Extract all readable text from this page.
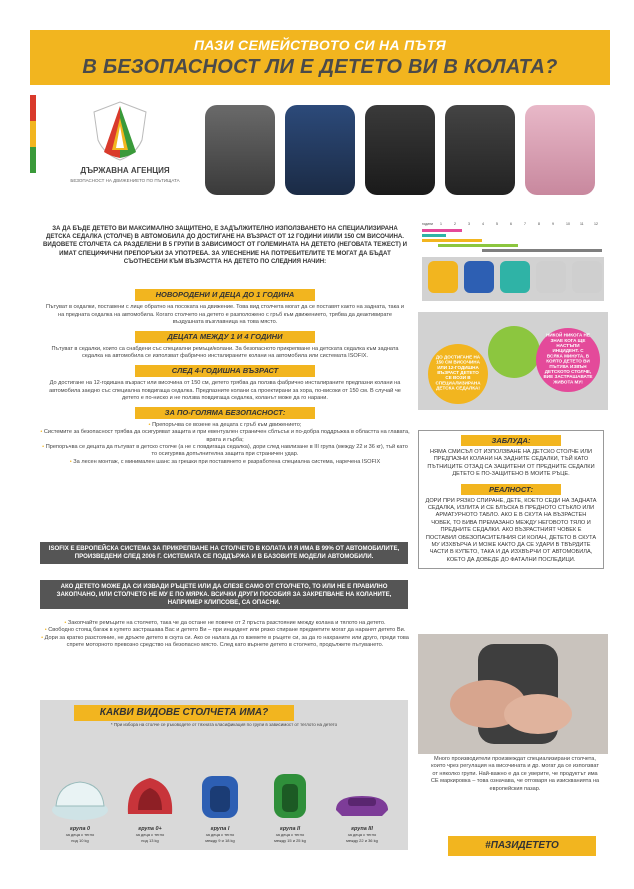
ПАЗИ СЕМЕЙСТВОТО СИ НА ПЪТЯ
В БЕЗОПАСНОСТ ЛИ Е ДЕТЕТО ВИ В КОЛАТА?
ДЪРЖАВНА АГЕНЦИЯ
БЕЗОПАСНОСТ НА ДВИЖЕНИЕТО ПО ПЪТИЩАТА
ЗА ДА БЪДЕ ДЕТЕТО ВИ МАКСИМАЛНО ЗАЩИТЕНО, Е ЗАДЪЛЖИТЕЛНО ИЗПОЛЗВАНЕТО НА СПЕЦИАЛИЗИРАНА ДЕТСКА СЕДАЛКА (СТОЛЧЕ) В АВТОМОБИЛА ДО ДОСТИГАНЕ НА ВЪЗРАСТ ОТ 12 ГОДИНИ И/ИЛИ 150 СМ ВИСОЧИНА. ВИДОВЕТЕ СТОЛЧЕТА СА РАЗДЕЛЕНИ В 5 ГРУПИ В ЗАВИСИМОСТ ОТ ГОЛЕМИНАТА НА ДЕТЕТО (НЕГОВАТА ТЕЖЕСТ) И ИМАТ СПЕЦИФИЧНИ ПРЕПОРЪКИ ЗА УПОТРЕБА. ЗА УЛЕСНЕНИЕ НА ПОТРЕБИТЕЛИТЕ ТЕ МОГАТ ДА БЪДАТ СЪОТНЕСЕНИ КЪМ ВЪЗРАСТТА НА ДЕТЕТО ПО СЛЕДНИЯ НАЧИН:
НОВОРОДЕНИ И ДЕЦА ДО 1 ГОДИНА
Пътуват в седалки, поставени с лице обратно на посоката на движение. Това вид столчета могат да се поставят както на задната, така и на предната седалка на автомобила. Когато столчето на детето е разположено с гръб към движението, трябва да деактивирате въздушната възглавница на това място.
ДЕЦАТА МЕЖДУ 1 И 4 ГОДИНИ
Пътуват в седалки, които са снабдени със специални ремъци/колани. За безопасното прикрепване на детската седалка към задната седалка на автомобила се използват фабрично инсталираните колани на автомобила или системата ISOFIX.
СЛЕД 4-ГОДИШНА ВЪЗРАСТ
До достигане на 12-годишна възраст или височина от 150 см, детето трябва да ползва фабрично инсталираните предпазни колани на автомобила заедно със специална повдигаща седалка. Предпазните колани са проектирани за хора, по-високи от 150 см. В случай че детето е по-ниско и не ползва повдигаща седалка, коланът може да го нарани.
ЗА ПО-ГОЛЯМА БЕЗОПАСНОСТ:
• Препоръчва се возене на децата с гръб към движението;
• Системите за безопасност трябва да осигуряват защита и при евентуален страничен сблъсък и по-добра поддръжка в областта на главата, врата и гърба;
• Препоръчва се децата да пътуват в детско столче (а не с повдигаща седалка), дори след навлизане в III група (между 22 и 36 кг), тъй като то осигурява допълнителна защита при страничен удар.
• За лесен монтаж, с минимален шанс за грешки при поставянето е разработена специална система, наречена ISOFIX
ISOFIX Е ЕВРОПЕЙСКА СИСТЕМА ЗА ПРИКРЕПВАНЕ НА СТОЛЧЕТО В КОЛАТА И Я ИМА В 99% ОТ АВТОМОБИЛИТЕ, ПРОИЗВЕДЕНИ СЛЕД 2006 Г. СИСТЕМАТА СЕ ПОДДЪРЖА И В БАЗОВИТЕ МОДЕЛИ АВТОМОБИЛИ.
АКО ДЕТЕТО МОЖЕ ДА СИ ИЗВАДИ РЪЦЕТЕ ИЛИ ДА СЛЕЗЕ САМО ОТ СТОЛЧЕТО, ТО ИЛИ НЕ Е ПРАВИЛНО ЗАКОПЧАНО, ИЛИ СТОЛЧЕТО НЕ МУ Е ПО МЯРКА. ВСИЧКИ ДРУГИ ПОСОБИЯ ЗА ЗАКРЕПВАНЕ НА КОЛАНИТЕ, НАПРИМЕР КЛИПСОВЕ, СА ОПАСНИ.
• Закопчайте ремъците на столчето, така че да остане не повече от 2 пръста разстояние между колана и тялото на детето.
• Свободно стоящ багаж в купето застрашава Вас и детето Ви – при инцидент или рязко спиране предметите могат да наранят детето Ви.
• Дори за кратко разстояние, не дръжте детето в скута си. Ако се налага да го вземете в ръцете си, за да го нахраните или друго, преди това спрете моторното превозно средство на безопасно място. След като върнете детето в столчето, продължете пътуването.
КАКВИ ВИДОВЕ СТОЛЧЕТА ИМА?
* При избора на столче се ръководете от тяхната класификация по групи в зависимост от теглото на детето
група 0
за деца с тегло
под 10 kg
група 0+
за деца с тегло
под 13 kg
група I
за деца с тегло
между 9 и 18 kg
група II
за деца с тегло
между 15 и 25 kg
група III
за деца с тегло
между 22 и 36 kg
години 1	2	3	4	5	6	7	8	9	10	11	12
ДО ДОСТИГАНЕ НА 150 СМ ВИСОЧИНА ИЛИ 12-ГОДИШНА ВЪЗРАСТ ДЕТЕТО СЕ ВОЗИ В СПЕЦИАЛИЗИРАНА ДЕТСКА СЕДАЛКА!
НИКОЙ НИКОГА НЕ ЗНАЕ КОГА ЩЕ НАСТЪПИ ИНЦИДЕНТ. С ВСЯКА МИНУТА, В КОЯТО ДЕТЕТО ВИ ПЪТУВА ИЗВЪН ДЕТСКОТО СТОЛЧЕ, ВИЕ ЗАСТРАШАВАТЕ ЖИВОТА МУ!
ЗАБЛУДА:
НЯМА СМИСЪЛ ОТ ИЗПОЛЗВАНЕ НА ДЕТСКО СТОЛЧЕ ИЛИ ПРЕДПАЗНИ КОЛАНИ НА ЗАДНИТЕ СЕДАЛКИ, ТЪЙ КАТО ПЪТНИЦИТЕ ОТЗАД СА ЗАЩИТЕНИ ОТ ПРЕДНИТЕ СЕДАЛКИ ДЕТЕТО Е ПО-ЗАЩИТЕНО В МОИТЕ РЪЦЕ.
РЕАЛНОСТ:
ДОРИ ПРИ РЯЗКО СПИРАНЕ, ДЕТЕ, КОЕТО СЕДИ НА ЗАДНАТА СЕДАЛКА, ИЗЛИТА И СЕ БЛЪСКА В ПРЕДНОТО СТЪКЛО ИЛИ АРМАТУРНОТО ТАБЛО. АКО Е В СКУТА НА ВЪЗРАСТЕН ЧОВЕК, ТО БИВА ПРЕМАЗАНО МЕЖДУ НЕГОВОТО ТЯЛО И ПРЕДНИТЕ СЕДАЛКИ. АКО ВЪЗРАСТНИЯТ ЧОВЕК Е ПОСТАВИЛ ОБЕЗОПАСИТЕЛНИЯ СИ КОЛАН, ДЕТЕТО В СКУТА МУ ИЗХВЪРЧА И МОЖЕ КАКТО ДА СЕ УДАРИ В ТВЪРДИТЕ ЧАСТИ В КУПЕТО, ТАКА И ДА ИЗХВЪРЧИ ОТ АВТОМОБИЛА, КОЕТО ДА ДОВЕДЕ ДО ФАТАЛНИ ПОСЛЕДИЦИ.
Много производители произвеждат специализирани столчета, които чрез регулация на височината и др. могат да се използват от няколко групи. Най-важно е да се уверите, че продуктът има CE маркировка – това означава, че отговаря на изискванията на европейския пазар.
#ПАЗИДЕТЕТО
